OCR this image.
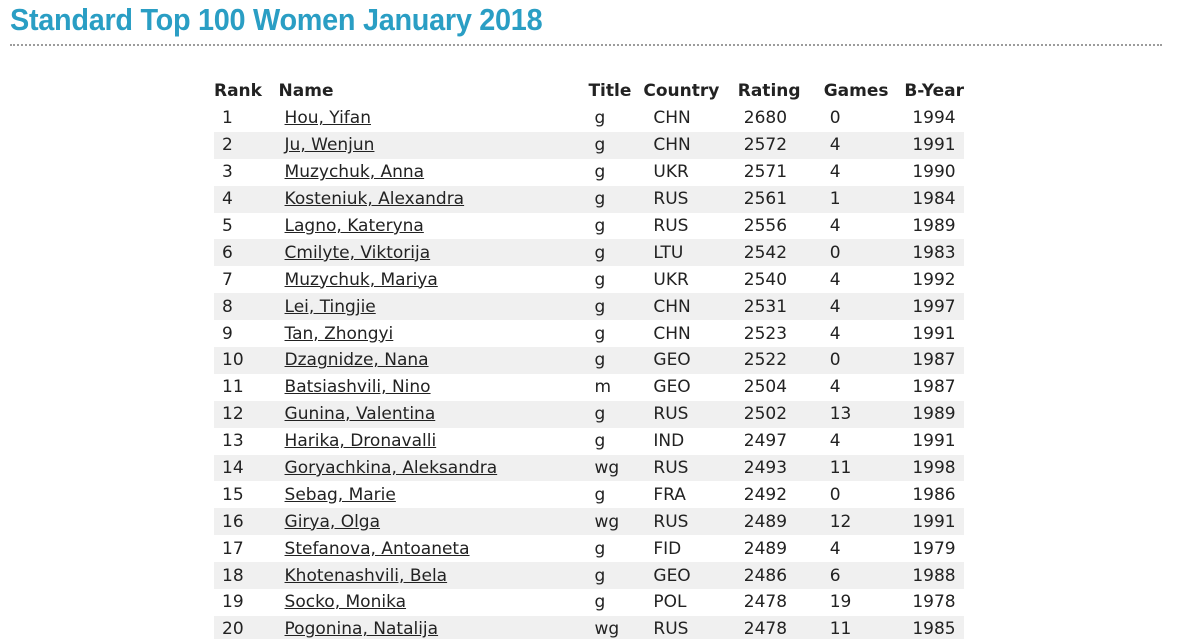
Standard Top 100 Women January 2018
Rank	Name	Title	Country	Rating	Games	B-Year
1	Hou, Yifan	g	CHN	2680	0	1994
2	Ju, Wenjun	g	CHN	2572	4	1991
3	Muzychuk, Anna	g	UKR	2571	4	1990
4	Kosteniuk, Alexandra	g	RUS	2561	1	1984
5	Lagno, Kateryna	g	RUS	2556	4	1989
6	Cmilyte, Viktorija	g	LTU	2542	0	1983
7	Muzychuk, Mariya	g	UKR	2540	4	1992
8	Lei, Tingjie	g	CHN	2531	4	1997
9	Tan, Zhongyi	g	CHN	2523	4	1991
10	Dzagnidze, Nana	g	GEO	2522	0	1987
11	Batsiashvili, Nino	m	GEO	2504	4	1987
12	Gunina, Valentina	g	RUS	2502	13	1989
13	Harika, Dronavalli	g	IND	2497	4	1991
14	Goryachkina, Aleksandra	wg	RUS	2493	11	1998
15	Sebag, Marie	g	FRA	2492	0	1986
16	Girya, Olga	wg	RUS	2489	12	1991
17	Stefanova, Antoaneta	g	FID	2489	4	1979
18	Khotenashvili, Bela	g	GEO	2486	6	1988
19	Socko, Monika	g	POL	2478	19	1978
20	Pogonina, Natalija	wg	RUS	2478	11	1985
